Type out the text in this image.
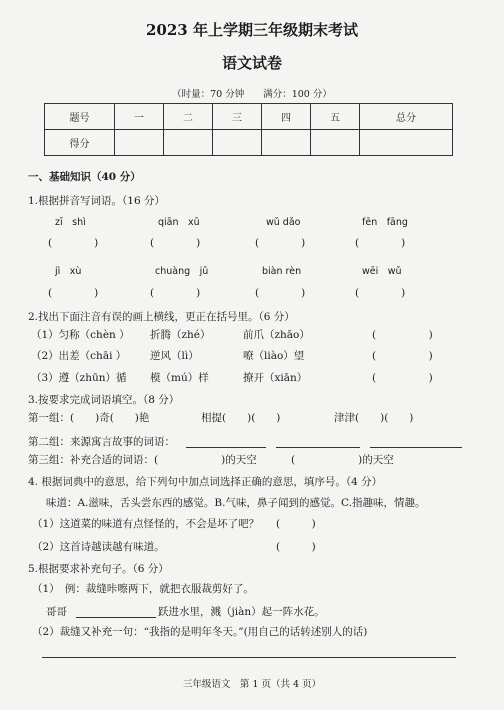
2023 年上学期三年级期末考试
语文试卷
（时量：70 分钟　　满分：100 分）
题号	一	二	三	四	五	总分
得分						
一、基础知识（40 分）
1.根据拼音写词语。（16 分）
zī　shì	qiān　xū	wǔ dǎo	fēn　fāng
(　　　　)	(　　　　)	(　　　　)	(　　　　)
jì　xù	chuàng　jǔ	biàn rèn	wēi　wǔ
(　　　　)	(　　　　)	(　　　　)	(　　　　)
2.找出下面注音有误的画上横线，更正在括号里。（6 分）
（1）匀称（chèn ） 折腾（zhé）	前爪（zhāo）	(　　　　　)
（2）出差（chāi ） 逆风（lì）	嘹（liào）望	(　　　　　)
（3）遵（zhūn）循 模（mú）样	撩开（xiān）	(　　　　　)
3.按要求完成词语填空。（8 分）
第一组：(　　)奇(　　)艳	相提(　　)(　　)	津津(　　)(　　)
第二组：来源寓言故事的词语：
第三组：补充合适的词语：(　　　　　　)的天空	(　　　　　　)的天空
4. 根据词典中的意思，给下列句中加点词选择正确的意思，填序号。（4 分）
味道：A.滋味，舌头尝东西的感觉。B.气味，鼻子闻到的感觉。C.指趣味，情趣。
（1）这道菜的味道有点怪怪的，不会是坏了吧？ (　　　)
（2）这首诗越读越有味道。	(　　　)
5.根据要求补充句子。（6 分）
（1）　例：裁缝咔嚓两下，就把衣服裁剪好了。
哥哥	跃进水里，溅（jiàn）起一阵水花。
（2）裁缝又补充一句：“我指的是明年冬天。”(用自己的话转述别人的话)
三年级语文　第 1 页（共 4 页）
